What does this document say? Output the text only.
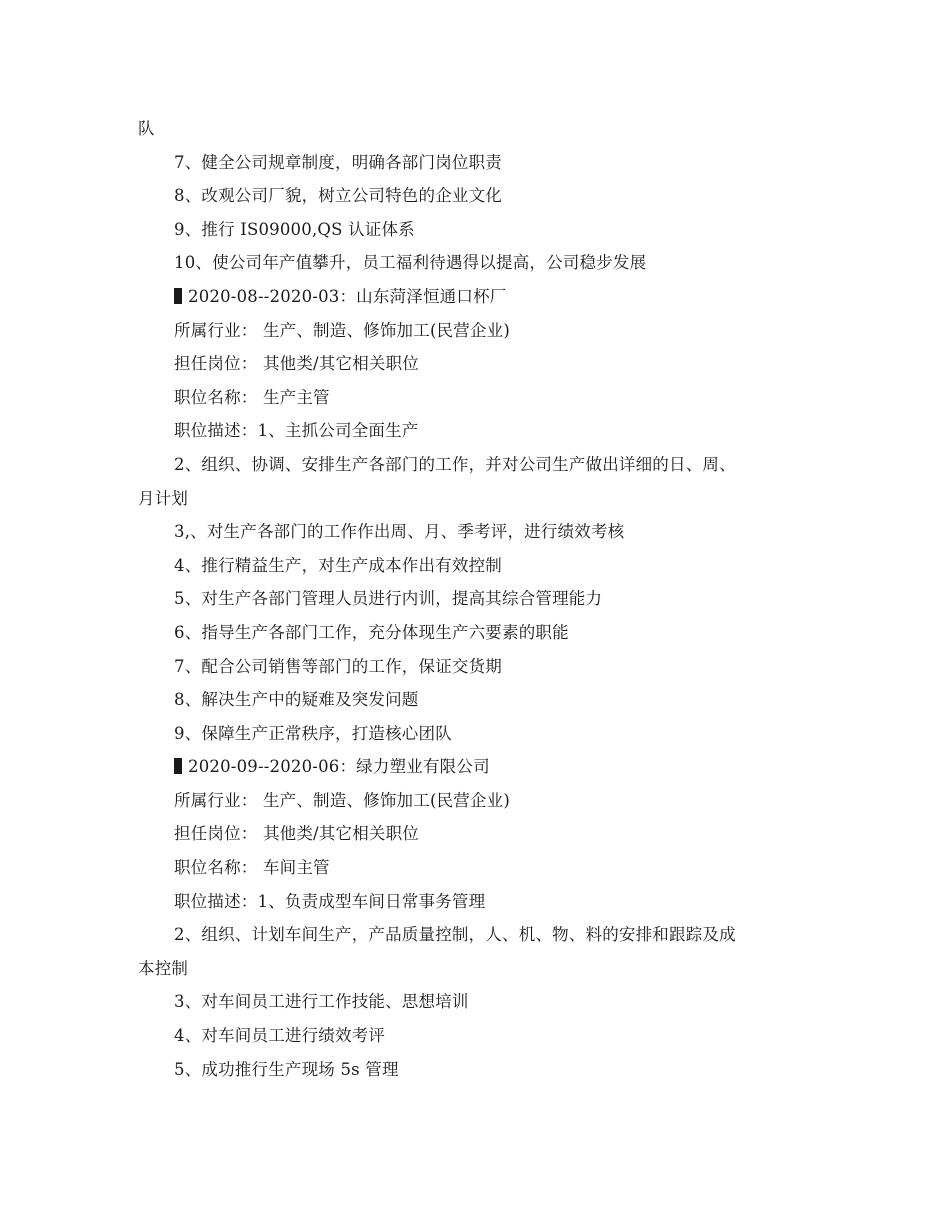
队
7、健全公司规章制度，明确各部门岗位职责
8、改观公司厂貌，树立公司特色的企业文化
9、推行 IS09000,QS 认证体系
10、使公司年产值攀升，员工福利待遇得以提高，公司稳步发展
2020-08--2020-03：山东菏泽恒通口杯厂
所属行业： 生产、制造、修饰加工(民营企业)
担任岗位： 其他类/其它相关职位
职位名称： 生产主管
职位描述：1、主抓公司全面生产
2、组织、协调、安排生产各部门的工作，并对公司生产做出详细的日、周、
月计划
3,、对生产各部门的工作作出周、月、季考评，进行绩效考核
4、推行精益生产，对生产成本作出有效控制
5、对生产各部门管理人员进行内训，提高其综合管理能力
6、指导生产各部门工作，充分体现生产六要素的职能
7、配合公司销售等部门的工作，保证交货期
8、解决生产中的疑难及突发问题
9、保障生产正常秩序，打造核心团队
2020-09--2020-06：绿力塑业有限公司
所属行业： 生产、制造、修饰加工(民营企业)
担任岗位： 其他类/其它相关职位
职位名称： 车间主管
职位描述：1、负责成型车间日常事务管理
2、组织、计划车间生产，产品质量控制，人、机、物、料的安排和跟踪及成
本控制
3、对车间员工进行工作技能、思想培训
4、对车间员工进行绩效考评
5、成功推行生产现场 5s 管理
